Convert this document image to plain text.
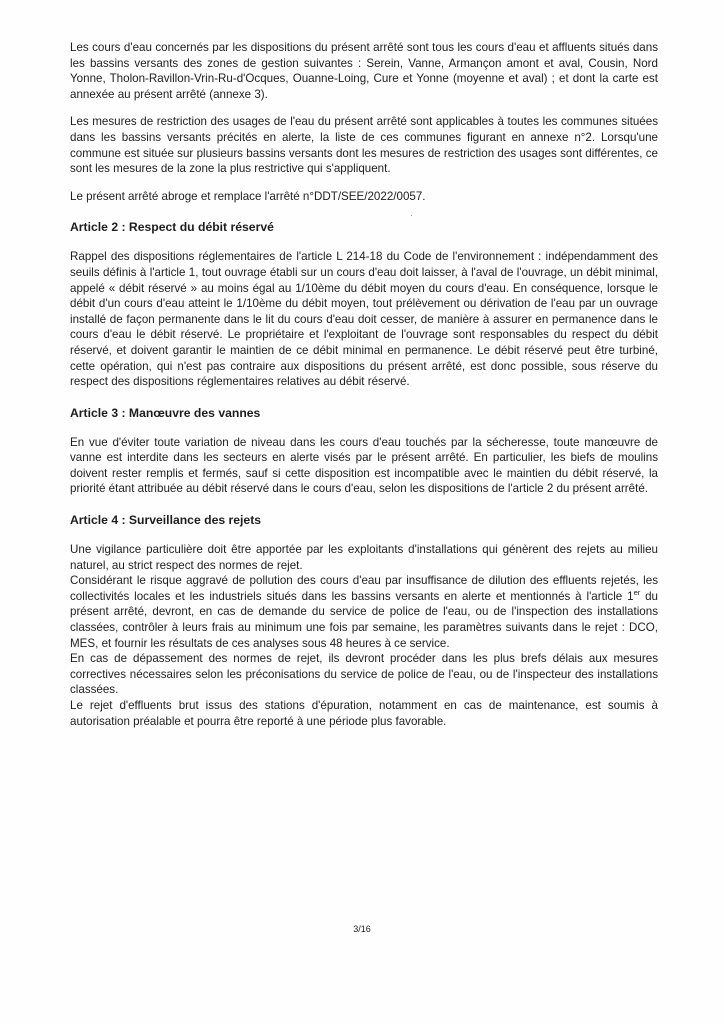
Les cours d'eau concernés par les dispositions du présent arrêté sont tous les cours d'eau et affluents situés dans les bassins versants des zones de gestion suivantes : Serein, Vanne, Armançon amont et aval, Cousin, Nord Yonne, Tholon-Ravillon-Vrin-Ru-d'Ocques, Ouanne-Loing, Cure et Yonne (moyenne et aval) ; et dont la carte est annexée au présent arrêté (annexe 3).

Les mesures de restriction des usages de l'eau du présent arrêté sont applicables à toutes les communes situées dans les bassins versants précités en alerte, la liste de ces communes figurant en annexe n°2. Lorsqu'une commune est située sur plusieurs bassins versants dont les mesures de restriction des usages sont différentes, ce sont les mesures de la zone la plus restrictive qui s'appliquent.

Le présent arrêté abroge et remplace l'arrêté n°DDT/SEE/2022/0057.

Article 2 : Respect du débit réservé

Rappel des dispositions réglementaires de l'article L 214-18 du Code de l'environnement : indépendamment des seuils définis à l'article 1, tout ouvrage établi sur un cours d'eau doit laisser, à l'aval de l'ouvrage, un débit minimal, appelé « débit réservé » au moins égal au 1/10ème du débit moyen du cours d'eau. En conséquence, lorsque le débit d'un cours d'eau atteint le 1/10ème du débit moyen, tout prélèvement ou dérivation de l'eau par un ouvrage installé de façon permanente dans le lit du cours d'eau doit cesser, de manière à assurer en permanence dans le cours d'eau le débit réservé. Le propriétaire et l'exploitant de l'ouvrage sont responsables du respect du débit réservé, et doivent garantir le maintien de ce débit minimal en permanence. Le débit réservé peut être turbiné, cette opération, qui n'est pas contraire aux dispositions du présent arrêté, est donc possible, sous réserve du respect des dispositions réglementaires relatives au débit réservé.

Article 3 : Manœuvre des vannes

En vue d'éviter toute variation de niveau dans les cours d'eau touchés par la sécheresse, toute manœuvre de vanne est interdite dans les secteurs en alerte visés par le présent arrêté. En particulier, les biefs de moulins doivent rester remplis et fermés, sauf si cette disposition est incompatible avec le maintien du débit réservé, la priorité étant attribuée au débit réservé dans le cours d'eau, selon les dispositions de l'article 2 du présent arrêté.

Article 4 : Surveillance des rejets

Une vigilance particulière doit être apportée par les exploitants d'installations qui génèrent des rejets au milieu naturel, au strict respect des normes de rejet.

Considérant le risque aggravé de pollution des cours d'eau par insuffisance de dilution des effluents rejetés, les collectivités locales et les industriels situés dans les bassins versants en alerte et mentionnés à l'article 1er du présent arrêté, devront, en cas de demande du service de police de l'eau, ou de l'inspection des installations classées, contrôler à leurs frais au minimum une fois par semaine, les paramètres suivants dans le rejet : DCO, MES, et fournir les résultats de ces analyses sous 48 heures à ce service.

En cas de dépassement des normes de rejet, ils devront procéder dans les plus brefs délais aux mesures correctives nécessaires selon les préconisations du service de police de l'eau, ou de l'inspecteur des installations classées.

Le rejet d'effluents brut issus des stations d'épuration, notamment en cas de maintenance, est soumis à autorisation préalable et pourra être reporté à une période plus favorable.

3/16
